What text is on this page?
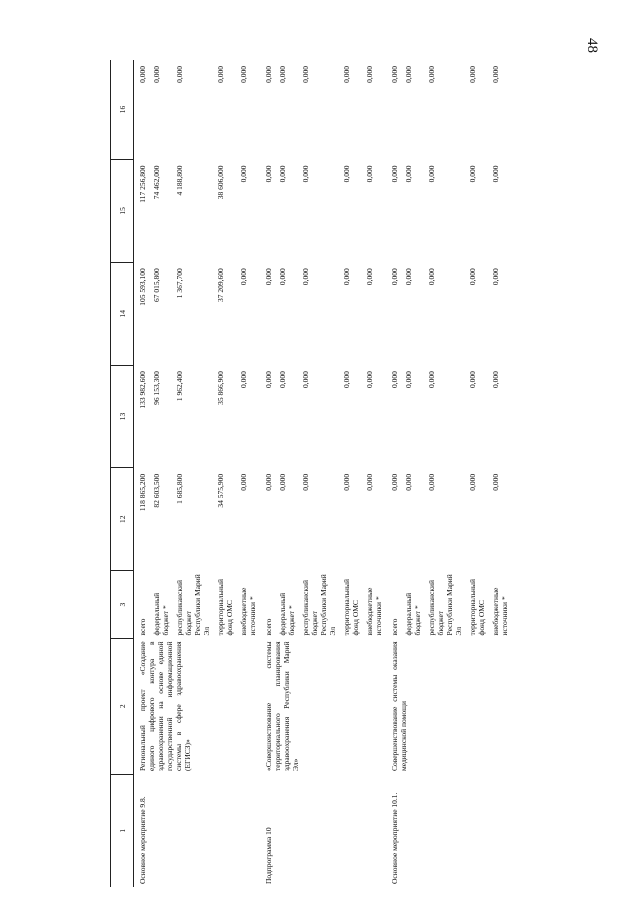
48
1	2	3	12	13	14	15	16
Основное мероприятие 9.8.	Региональный проект «Создание единого цифрового контура в здравоохранении на основе единой государственной информационной системы в сфере здравоохранения (ЕГИСЗ)»	всего	118 865,200	133 982,600	105 593,100	117 256,800	0,000
		федеральный бюджет *	82 603,500	96 153,300	67 015,800	74 462,000	0,000
		республиканский бюджет Республики Марий Эл	1 685,800	1 962,400	1 367,700	4 188,800	0,000
		территориальный фонд ОМС	34 575,900	35 866,900	37 209,600	38 606,000	0,000
		внебюджетные источники *	0,000	0,000	0,000	0,000	0,000
Подпрограмма 10	«Совершенствование системы территориального планирования здравоохранения Республики Марий Эл»	всего	0,000	0,000	0,000	0,000	0,000
		федеральный бюджет *	0,000	0,000	0,000	0,000	0,000
		республиканский бюджет Республики Марий Эл	0,000	0,000	0,000	0,000	0,000
		территориальный фонд ОМС	0,000	0,000	0,000	0,000	0,000
		внебюджетные источники *	0,000	0,000	0,000	0,000	0,000
Основное мероприятие 10.1.	Совершенствование системы оказания медицинской помощи	всего	0,000	0,000	0,000	0,000	0,000
		федеральный бюджет *	0,000	0,000	0,000	0,000	0,000
		республиканский бюджет Республики Марий Эл	0,000	0,000	0,000	0,000	0,000
		территориальный фонд ОМС	0,000	0,000	0,000	0,000	0,000
		внебюджетные источники *	0,000	0,000	0,000	0,000	0,000
